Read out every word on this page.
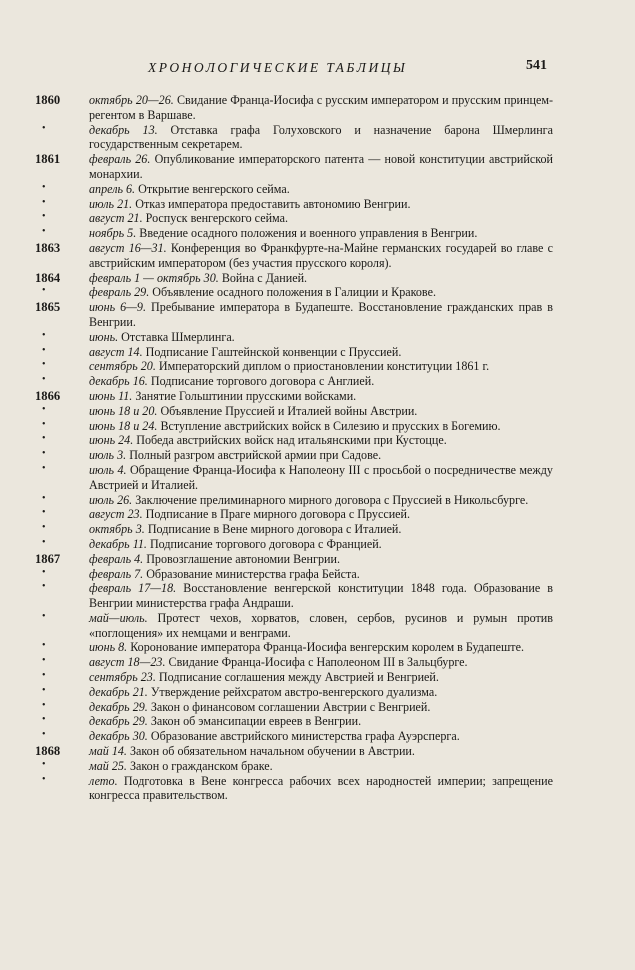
ХРОНОЛОГИЧЕСКИЕ ТАБЛИЦЫ	541
1860 октябрь 20—26. Свидание Франца-Иосифа с русским императором и прусским принцем-регентом в Варшаве.
•	декабрь 13. Отставка графа Голуховского и назначение барона Шмерлинга государственным секретарем.
1861 февраль 26. Опубликование императорского патента — новой конституции австрийской монархии.
•	апрель 6. Открытие венгерского сейма.
•	июль 21. Отказ императора предоставить автономию Венгрии.
•	август 21. Роспуск венгерского сейма.
•	ноябрь 5. Введение осадного положения и военного управления в Венгрии.
1863 август 16—31. Конференция во Франкфурте-на-Майне германских государей во главе с австрийским императором (без участия прусского короля).
1864 февраль 1 — октябрь 30. Война с Данией.
•	февраль 29. Объявление осадного положения в Галиции и Кракове.
1865 июнь 6—9. Пребывание императора в Будапеште. Восстановление гражданских прав в Венгрии.
•	июнь. Отставка Шмерлинга.
•	август 14. Подписание Гаштейнской конвенции с Пруссией.
•	сентябрь 20. Императорский диплом о приостановлении конституции 1861 г.
•	декабрь 16. Подписание торгового договора с Англией.
1866 июнь 11. Занятие Гольштинии прусскими войсками.
•	июнь 18 и 20. Объявление Пруссией и Италией войны Австрии.
•	июнь 18 и 24. Вступление австрийских войск в Силезию и прусских в Богемию.
•	июнь 24. Победа австрийских войск над итальянскими при Кустоцце.
•	июль 3. Полный разгром австрийской армии при Садове.
•	июль 4. Обращение Франца-Иосифа к Наполеону III с просьбой о посредничестве между Австрией и Италией.
•	июль 26. Заключение прелиминарного мирного договора с Пруссией в Никольсбурге.
•	август 23. Подписание в Праге мирного договора с Пруссией.
•	октябрь 3. Подписание в Вене мирного договора с Италией.
•	декабрь 11. Подписание торгового договора с Францией.
1867 февраль 4. Провозглашение автономии Венгрии.
•	февраль 7. Образование министерства графа Бейста.
•	февраль 17—18. Восстановление венгерской конституции 1848 года. Образование в Венгрии министерства графа Андраши.
•	май—июль. Протест чехов, хорватов, словен, сербов, русинов и румын против «поглощения» их немцами и венграми.
•	июнь 8. Коронование императора Франца-Иосифа венгерским королем в Будапеште.
•	август 18—23. Свидание Франца-Иосифа с Наполеоном III в Зальцбурге.
•	сентябрь 23. Подписание соглашения между Австрией и Венгрией.
•	декабрь 21. Утверждение рейхсратом австро-венгерского дуализма.
•	декабрь 29. Закон о финансовом соглашении Австрии с Венгрией.
•	декабрь 29. Закон об эмансипации евреев в Венгрии.
•	декабрь 30. Образование австрийского министерства графа Ауэрсперга.
1868 май 14. Закон об обязательном начальном обучении в Австрии.
•	май 25. Закон о гражданском браке.
•	лето. Подготовка в Вене конгресса рабочих всех народностей империи; запрещение конгресса правительством.
